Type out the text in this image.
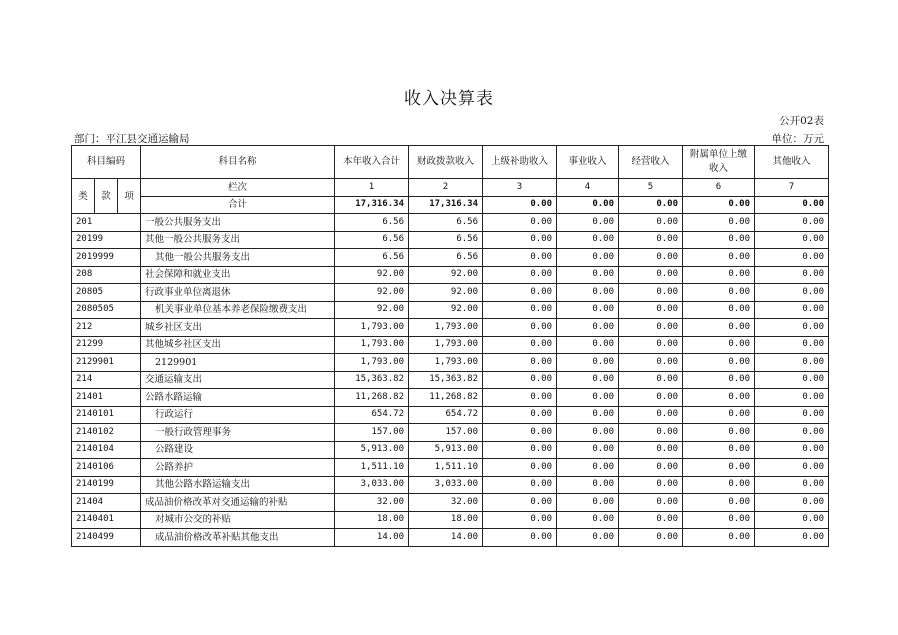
收入决算表
公开02表
部门：平江县交通运输局	单位：万元
科目编码			科目名称	本年收入合计	财政拨款收入	上级补助收入	事业收入	经营收入	附属单位上缴收入	其他收入
类	款	项	栏次	1	2	3	4	5	6	7
			合计	17,316.34	17,316.34	0.00	0.00	0.00	0.00	0.00
201			一般公共服务支出	6.56	6.56	0.00	0.00	0.00	0.00	0.00
20199			其他一般公共服务支出	6.56	6.56	0.00	0.00	0.00	0.00	0.00
2019999			其他一般公共服务支出	6.56	6.56	0.00	0.00	0.00	0.00	0.00
208			社会保障和就业支出	92.00	92.00	0.00	0.00	0.00	0.00	0.00
20805			行政事业单位离退休	92.00	92.00	0.00	0.00	0.00	0.00	0.00
2080505			机关事业单位基本养老保险缴费支出	92.00	92.00	0.00	0.00	0.00	0.00	0.00
212			城乡社区支出	1,793.00	1,793.00	0.00	0.00	0.00	0.00	0.00
21299			其他城乡社区支出	1,793.00	1,793.00	0.00	0.00	0.00	0.00	0.00
2129901			2129901	1,793.00	1,793.00	0.00	0.00	0.00	0.00	0.00
214			交通运输支出	15,363.82	15,363.82	0.00	0.00	0.00	0.00	0.00
21401			公路水路运输	11,268.82	11,268.82	0.00	0.00	0.00	0.00	0.00
2140101			行政运行	654.72	654.72	0.00	0.00	0.00	0.00	0.00
2140102			一般行政管理事务	157.00	157.00	0.00	0.00	0.00	0.00	0.00
2140104			公路建设	5,913.00	5,913.00	0.00	0.00	0.00	0.00	0.00
2140106			公路养护	1,511.10	1,511.10	0.00	0.00	0.00	0.00	0.00
2140199			其他公路水路运输支出	3,033.00	3,033.00	0.00	0.00	0.00	0.00	0.00
21404			成品油价格改革对交通运输的补贴	32.00	32.00	0.00	0.00	0.00	0.00	0.00
2140401			对城市公交的补贴	18.00	18.00	0.00	0.00	0.00	0.00	0.00
2140499			成品油价格改革补贴其他支出	14.00	14.00	0.00	0.00	0.00	0.00	0.00
